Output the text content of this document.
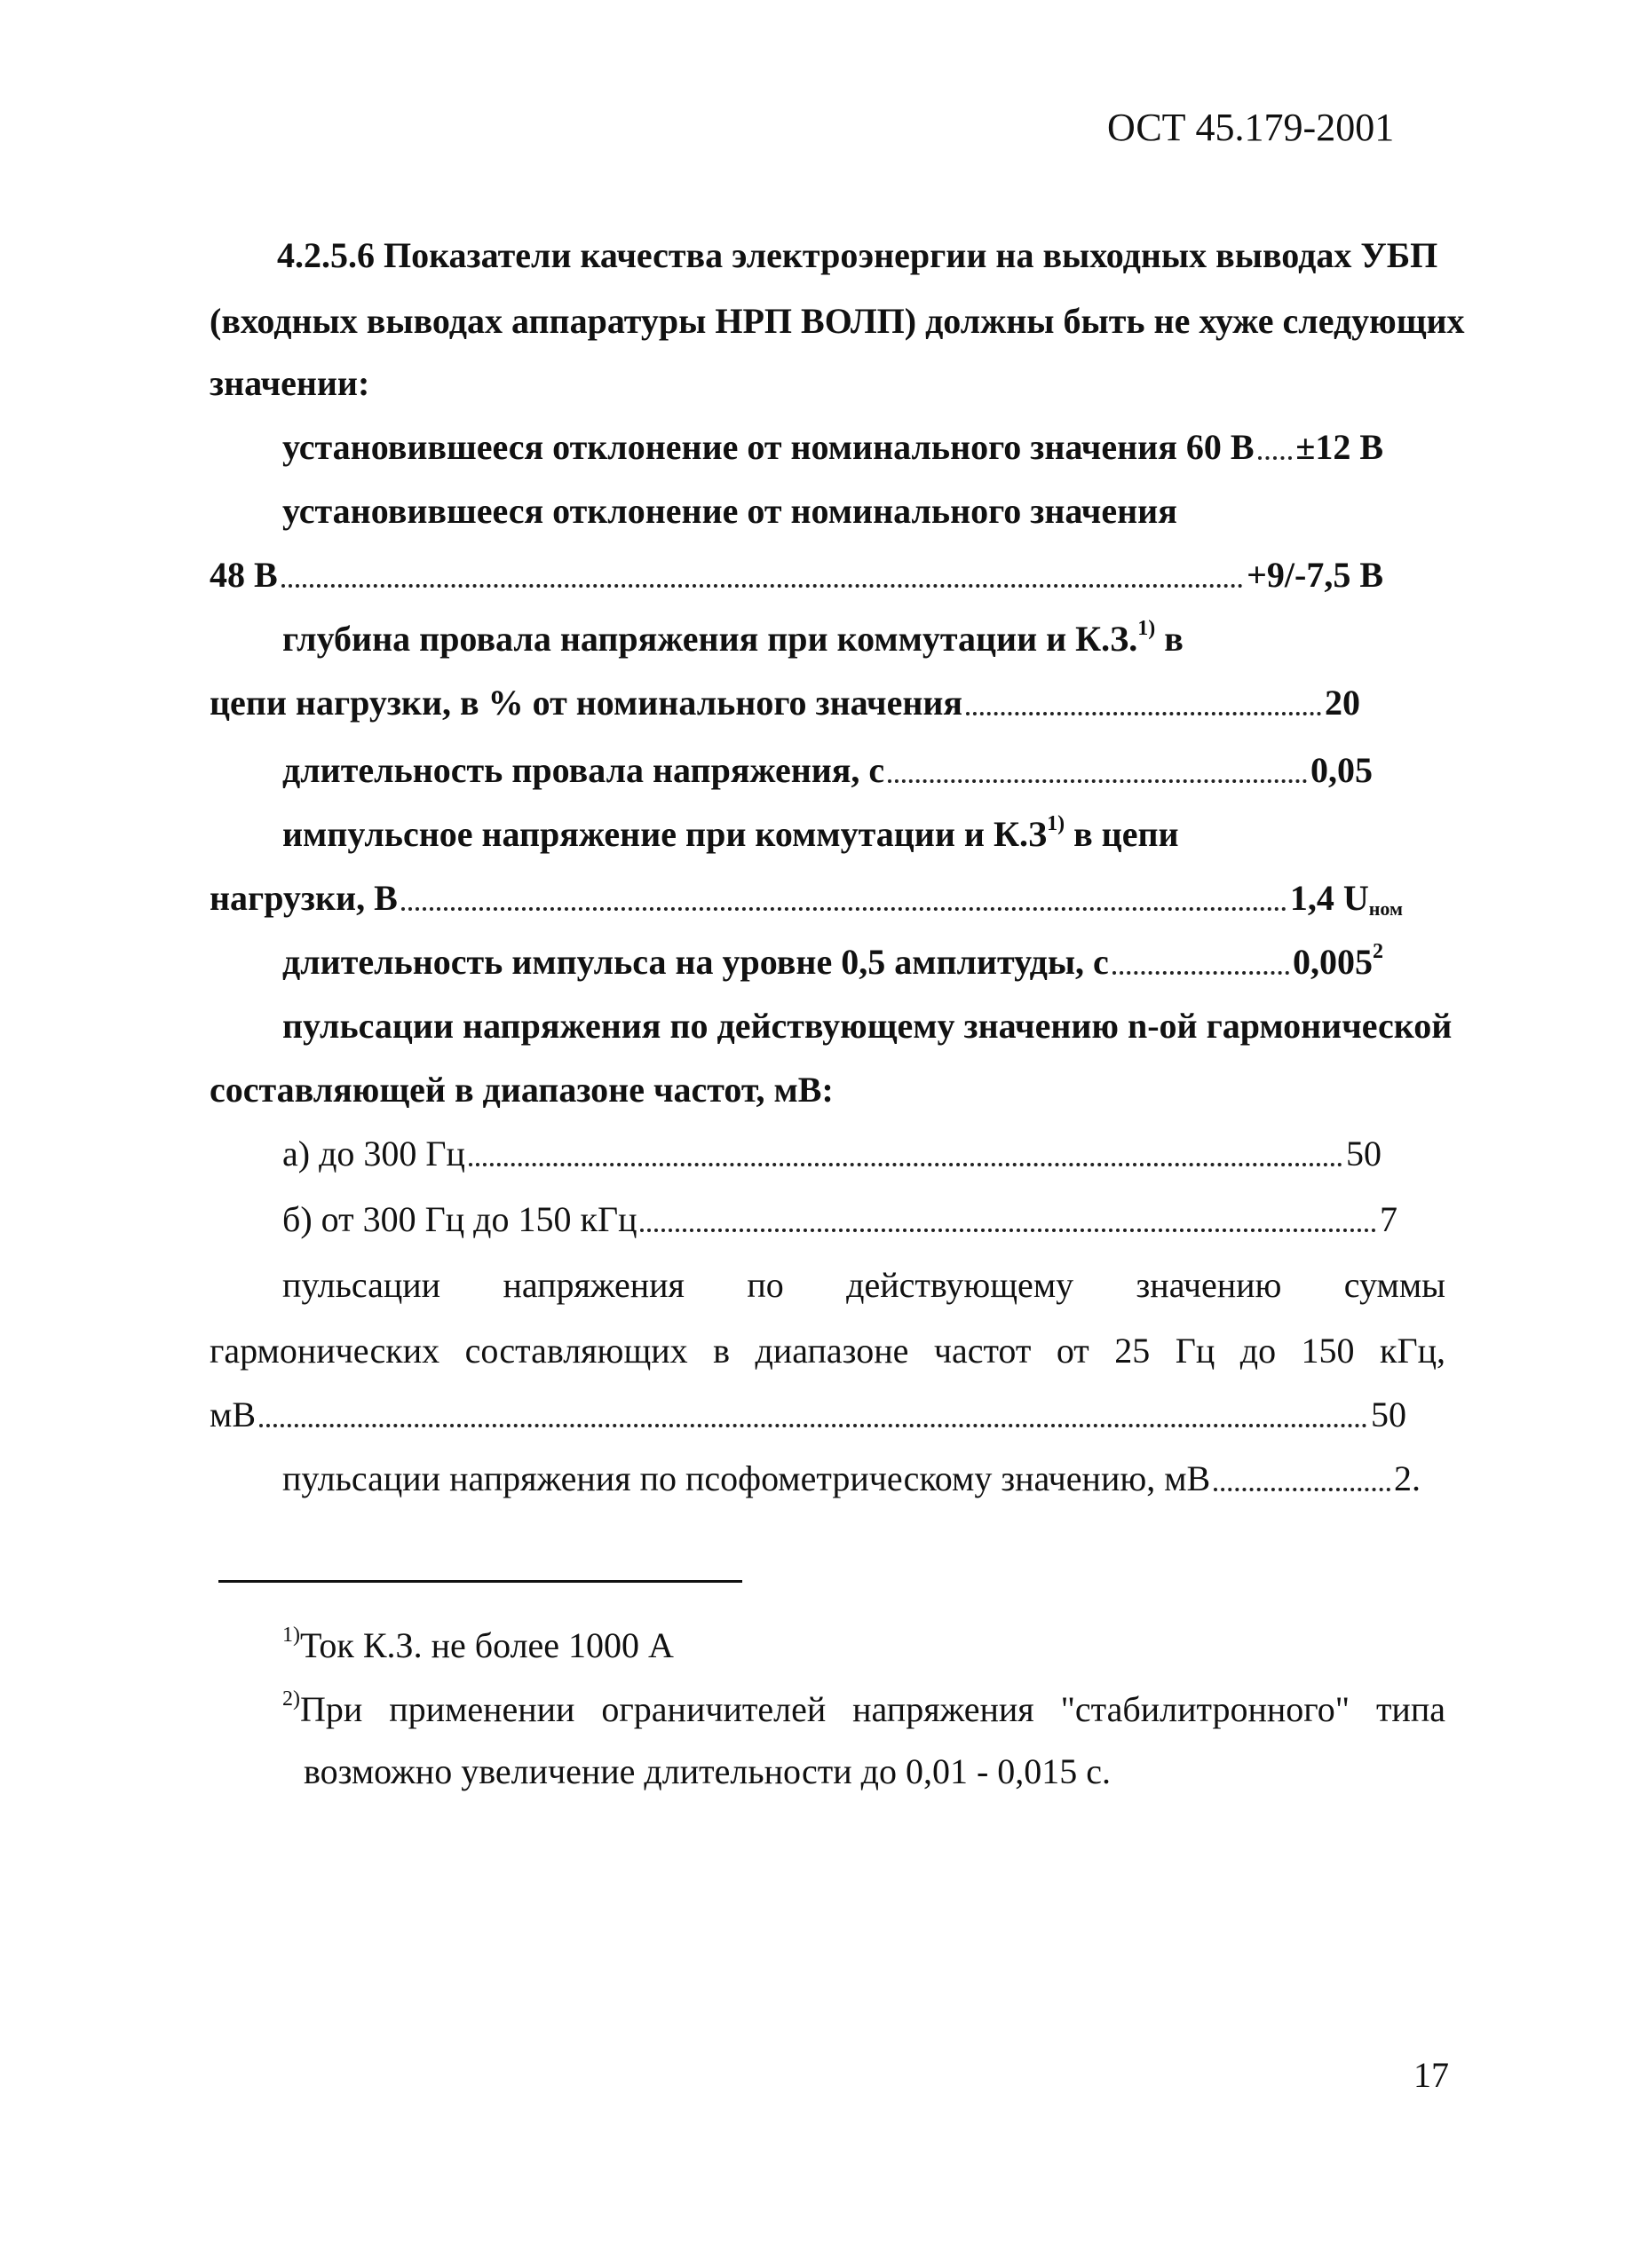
ОСТ 45.179-2001
4.2.5.6 Показатели качества электроэнергии на выходных выводах УБП
(входных выводах аппаратуры НРП ВОЛП) должны быть не хуже следующих
значении:
установившееся отклонение от номинального значения 60 В ±12 В
установившееся отклонение от номинального значения
48 В	+9/-7,5 В
глубина провала напряжения при коммутации и К.З.$^{1)}$ в
цепи нагрузки, в % от номинального значения	20
длительность провала напряжения, с	0,05
импульсное напряжение при коммутации и $К.З^{1)}$ в цепи
нагрузки, В	1,4 $U_{ном}$
длительность импульса на уровне 0,5 амплитуды, с	0,005$^2$
пульсации напряжения по действующему значению n-ой гармонической
составляющей в диапазоне частот, мВ:
а) до 300 Гц	50
б) от 300 Гц до 150 кГц	7
пульсации напряжения по действующему значению суммы
гармонических составляющих в диапазоне частот от 25 Гц до 150 кГц,
мВ	50
пульсации напряжения по псофометрическому значению, мВ	2.
$^{1)}$Ток К.З. не более 1000 А
$^{2)}$При применении ограничителей напряжения "стабилитронного" типа
возможно увеличение длительности до 0,01 - 0,015 с.
17
